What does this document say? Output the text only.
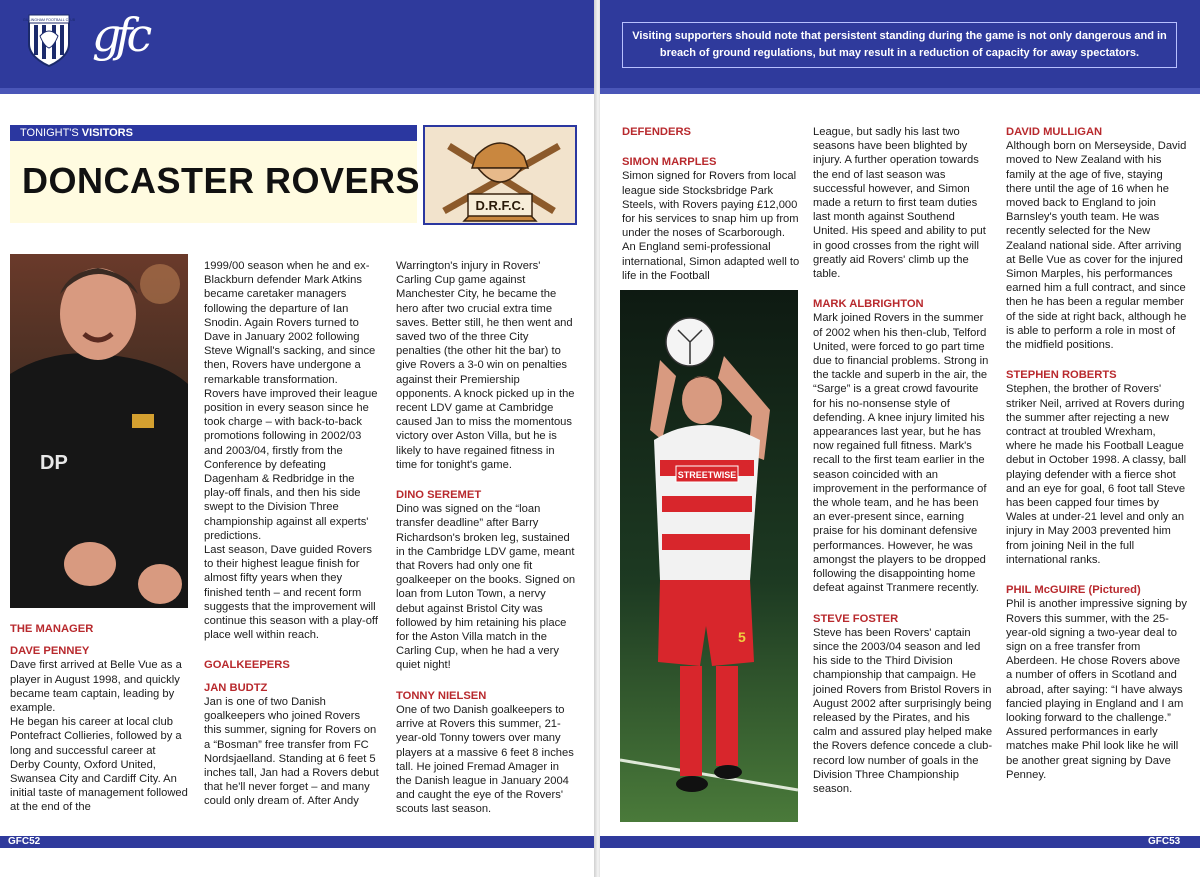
GILLINGHAM FOOTBALL CLUB gfc
TONIGHT'S VISITORS
DONCASTER ROVERS
D.R.F.C.
DP

THE MANAGER

DAVE PENNEY

Dave first arrived at Belle Vue as a player in August 1998, and quickly became team captain, leading by example.

He began his career at local club Pontefract Collieries, followed by a long and successful career at Derby County, Oxford United, Swansea City and Cardiff City. An initial taste of management followed at the end of the

1999/00 season when he and ex-Blackburn defender Mark Atkins became caretaker managers following the departure of Ian Snodin. Again Rovers turned to Dave in January 2002 following Steve Wignall's sacking, and since then, Rovers have undergone a remarkable transformation.

Rovers have improved their league position in every season since he took charge – with back-to-back promotions following in 2002/03 and 2003/04, firstly from the Conference by defeating Dagenham & Redbridge in the play-off finals, and then his side swept to the Division Three championship against all experts' predictions.

Last season, Dave guided Rovers to their highest league finish for almost fifty years when they finished tenth – and recent form suggests that the improvement will continue this season with a play-off place well within reach.

GOALKEEPERS

JAN BUDTZ

Jan is one of two Danish goalkeepers who joined Rovers this summer, signing for Rovers on a “Bosman” free transfer from FC Nordsjaelland. Standing at 6 feet 5 inches tall, Jan had a Rovers debut that he'll never forget – and many could only dream of. After Andy

Warrington's injury in Rovers' Carling Cup game against Manchester City, he became the hero after two crucial extra time saves. Better still, he then went and saved two of the three City penalties (the other hit the bar) to give Rovers a 3-0 win on penalties against their Premiership opponents. A knock picked up in the recent LDV game at Cambridge caused Jan to miss the momentous victory over Aston Villa, but he is likely to have regained fitness in time for tonight's game.

DINO SEREMET

Dino was signed on the “loan transfer deadline” after Barry Richardson's broken leg, sustained in the Cambridge LDV game, meant that Rovers had only one fit goalkeeper on the books. Signed on loan from Luton Town, a nervy debut against Bristol City was followed by him retaining his place for the Aston Villa match in the Carling Cup, when he had a very quiet night!

TONNY NIELSEN

One of two Danish goalkeepers to arrive at Rovers this summer, 21-year-old Tonny towers over many players at a massive 6 feet 8 inches tall. He joined Fremad Amager in the Danish league in January 2004 and caught the eye of the Rovers' scouts last season.

GFC52
Visiting supporters should note that persistent standing during the game is not only dangerous and in breach of ground regulations, but may result in a reduction of capacity for away spectators.

DEFENDERS

SIMON MARPLES

Simon signed for Rovers from local league side Stocksbridge Park Steels, with Rovers paying £12,000 for his services to snap him up from under the noses of Scarborough. An England semi-professional international, Simon adapted well to life in the Football

STREETWISE
5

League, but sadly his last two seasons have been blighted by injury. A further operation towards the end of last season was successful however, and Simon made a return to first team duties last month against Southend United. His speed and ability to put in good crosses from the right will greatly aid Rovers' climb up the table.

MARK ALBRIGHTON

Mark joined Rovers in the summer of 2002 when his then-club, Telford United, were forced to go part time due to financial problems. Strong in the tackle and superb in the air, the “Sarge” is a great crowd favourite for his no-nonsense style of defending. A knee injury limited his appearances last year, but he has now regained full fitness. Mark's recall to the first team earlier in the season coincided with an improvement in the performance of the whole team, and he has been an ever-present since, earning praise for his dominant defensive performances. However, he was amongst the players to be dropped following the disappointing home defeat against Tranmere recently.

STEVE FOSTER

Steve has been Rovers' captain since the 2003/04 season and led his side to the Third Division championship that campaign. He joined Rovers from Bristol Rovers in August 2002 after surprisingly being released by the Pirates, and his calm and assured play helped make the Rovers defence concede a club-record low number of goals in the Division Three Championship season.

DAVID MULLIGAN

Although born on Merseyside, David moved to New Zealand with his family at the age of five, staying there until the age of 16 when he moved back to England to join Barnsley's youth team. He was recently selected for the New Zealand national side. After arriving at Belle Vue as cover for the injured Simon Marples, his performances earned him a full contract, and since then he has been a regular member of the side at right back, although he is able to perform a role in most of the midfield positions.

STEPHEN ROBERTS

Stephen, the brother of Rovers' striker Neil, arrived at Rovers during the summer after rejecting a new contract at troubled Wrexham, where he made his Football League debut in October 1998. A classy, ball playing defender with a fierce shot and an eye for goal, 6 foot tall Steve has been capped four times by Wales at under-21 level and only an injury in May 2003 prevented him from joining Neil in the full international ranks.

PHIL McGUIRE (Pictured)

Phil is another impressive signing by Rovers this summer, with the 25-year-old signing a two-year deal to sign on a free transfer from Aberdeen. He chose Rovers above a number of offers in Scotland and abroad, after saying: “I have always fancied playing in England and I am looking forward to the challenge.” Assured performances in early matches make Phil look like he will be another great signing by Dave Penney.

GFC53
